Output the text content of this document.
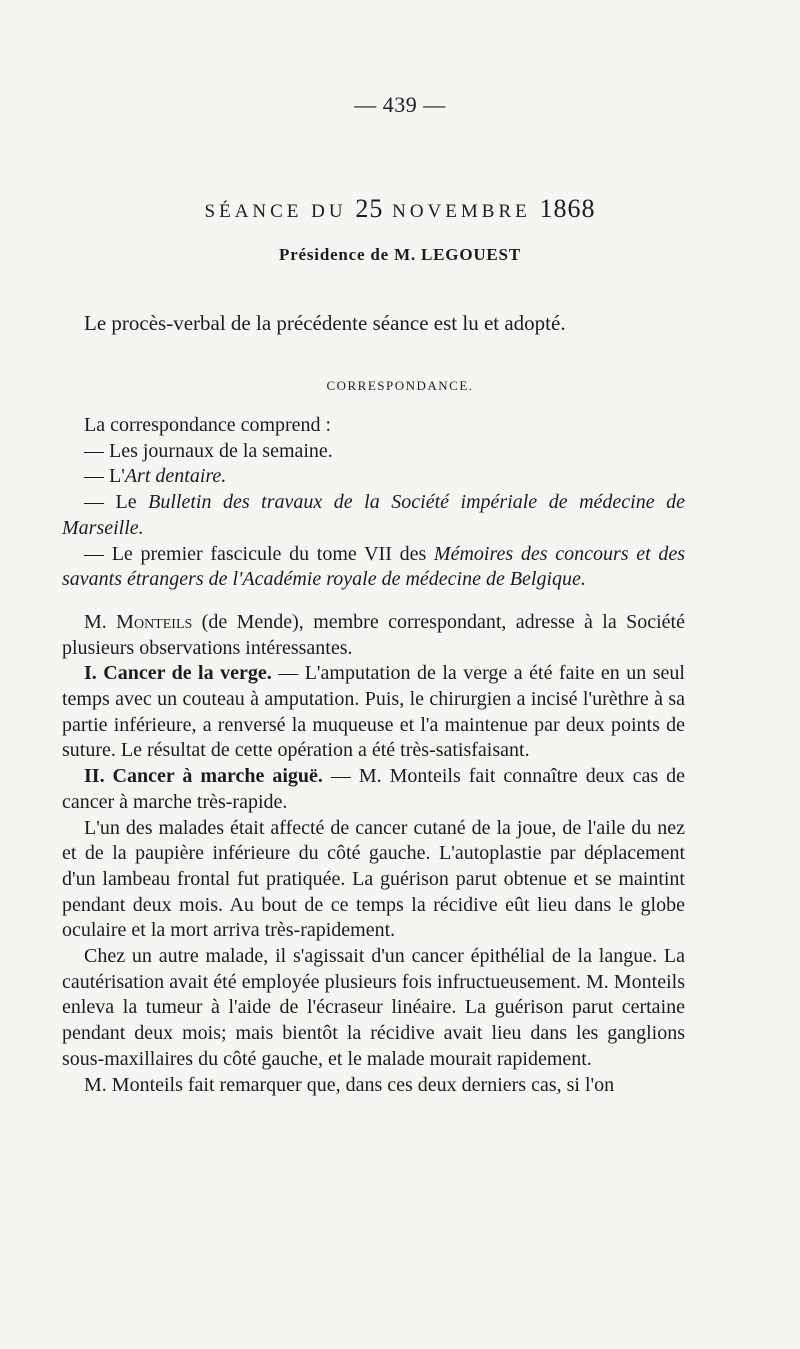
— 439 —
SÉANCE DU 25 NOVEMBRE 1868
Présidence de M. LEGOUEST
Le procès-verbal de la précédente séance est lu et adopté.
CORRESPONDANCE.

La correspondance comprend :

— Les journaux de la semaine.

— L'Art dentaire.

— Le Bulletin des travaux de la Société impériale de médecine de Marseille.

— Le premier fascicule du tome VII des Mémoires des concours et des savants étrangers de l'Académie royale de médecine de Belgique.

M. Monteils (de Mende), membre correspondant, adresse à la Société plusieurs observations intéressantes.

I. Cancer de la verge. — L'amputation de la verge a été faite en un seul temps avec un couteau à amputation. Puis, le chirurgien a incisé l'urèthre à sa partie inférieure, a renversé la muqueuse et l'a maintenue par deux points de suture. Le résultat de cette opération a été très-satisfaisant.

II. Cancer à marche aiguë. — M. Monteils fait connaître deux cas de cancer à marche très-rapide.

L'un des malades était affecté de cancer cutané de la joue, de l'aile du nez et de la paupière inférieure du côté gauche. L'autoplastie par déplacement d'un lambeau frontal fut pratiquée. La guérison parut obtenue et se maintint pendant deux mois. Au bout de ce temps la récidive eût lieu dans le globe oculaire et la mort arriva très-rapidement.

Chez un autre malade, il s'agissait d'un cancer épithélial de la langue. La cautérisation avait été employée plusieurs fois infructueusement. M. Monteils enleva la tumeur à l'aide de l'écraseur linéaire. La guérison parut certaine pendant deux mois; mais bientôt la récidive avait lieu dans les ganglions sous-maxillaires du côté gauche, et le malade mourait rapidement.

M. Monteils fait remarquer que, dans ces deux derniers cas, si l'on
